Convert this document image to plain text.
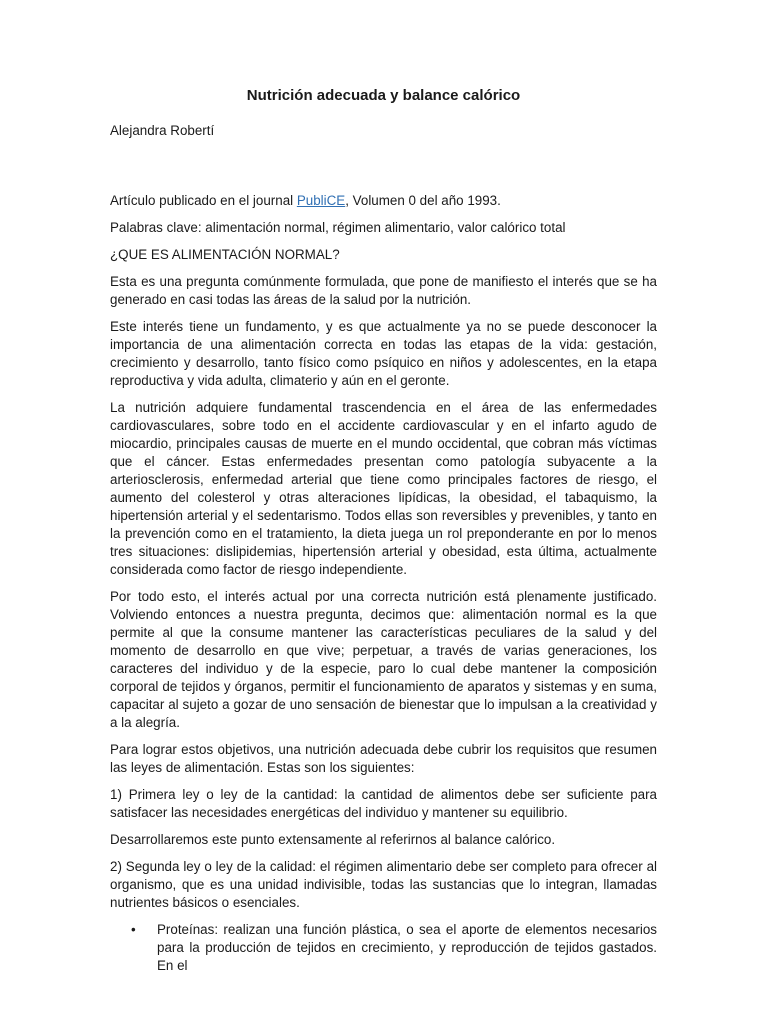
Nutrición adecuada y balance calórico
Alejandra Robertí

Artículo publicado en el journal PubliCE, Volumen 0 del año 1993.

Palabras clave: alimentación normal, régimen alimentario, valor calórico total

¿QUE ES ALIMENTACIÓN NORMAL?

Esta es una pregunta comúnmente formulada, que pone de manifiesto el interés que se ha generado en casi todas las áreas de la salud por la nutrición.

Este interés tiene un fundamento, y es que actualmente ya no se puede desconocer la importancia de una alimentación correcta en todas las etapas de la vida: gestación, crecimiento y desarrollo, tanto físico como psíquico en niños y adolescentes, en la etapa reproductiva y vida adulta, climaterio y aún en el geronte.

La nutrición adquiere fundamental trascendencia en el área de las enfermedades cardiovasculares, sobre todo en el accidente cardiovascular y en el infarto agudo de miocardio, principales causas de muerte en el mundo occidental, que cobran más víctimas que el cáncer. Estas enfermedades presentan como patología subyacente a la arteriosclerosis, enfermedad arterial que tiene como principales factores de riesgo, el aumento del colesterol y otras alteraciones lipídicas, la obesidad, el tabaquismo, la hipertensión arterial y el sedentarismo. Todos ellas son reversibles y prevenibles, y tanto en la prevención como en el tratamiento, la dieta juega un rol preponderante en por lo menos tres situaciones: dislipidemias, hipertensión arterial y obesidad, esta última, actualmente considerada como factor de riesgo independiente.

Por todo esto, el interés actual por una correcta nutrición está plenamente justificado. Volviendo entonces a nuestra pregunta, decimos que: alimentación normal es la que permite al que la consume mantener las características peculiares de la salud y del momento de desarrollo en que vive; perpetuar, a través de varias generaciones, los caracteres del individuo y de la especie, paro lo cual debe mantener la composición corporal de tejidos y órganos, permitir el funcionamiento de aparatos y sistemas y en suma, capacitar al sujeto a gozar de uno sensación de bienestar que lo impulsan a la creatividad y a la alegría.

Para lograr estos objetivos, una nutrición adecuada debe cubrir los requisitos que resumen las leyes de alimentación. Estas son los siguientes:

1) Primera ley o ley de la cantidad: la cantidad de alimentos debe ser suficiente para satisfacer las necesidades energéticas del individuo y mantener su equilibrio.

Desarrollaremos este punto extensamente al referirnos al balance calórico.

2) Segunda ley o ley de la calidad: el régimen alimentario debe ser completo para ofrecer al organismo, que es una unidad indivisible, todas las sustancias que lo integran, llamadas nutrientes básicos o esenciales.

• Proteínas: realizan una función plástica, o sea el aporte de elementos necesarios para la producción de tejidos en crecimiento, y reproducción de tejidos gastados. En el
